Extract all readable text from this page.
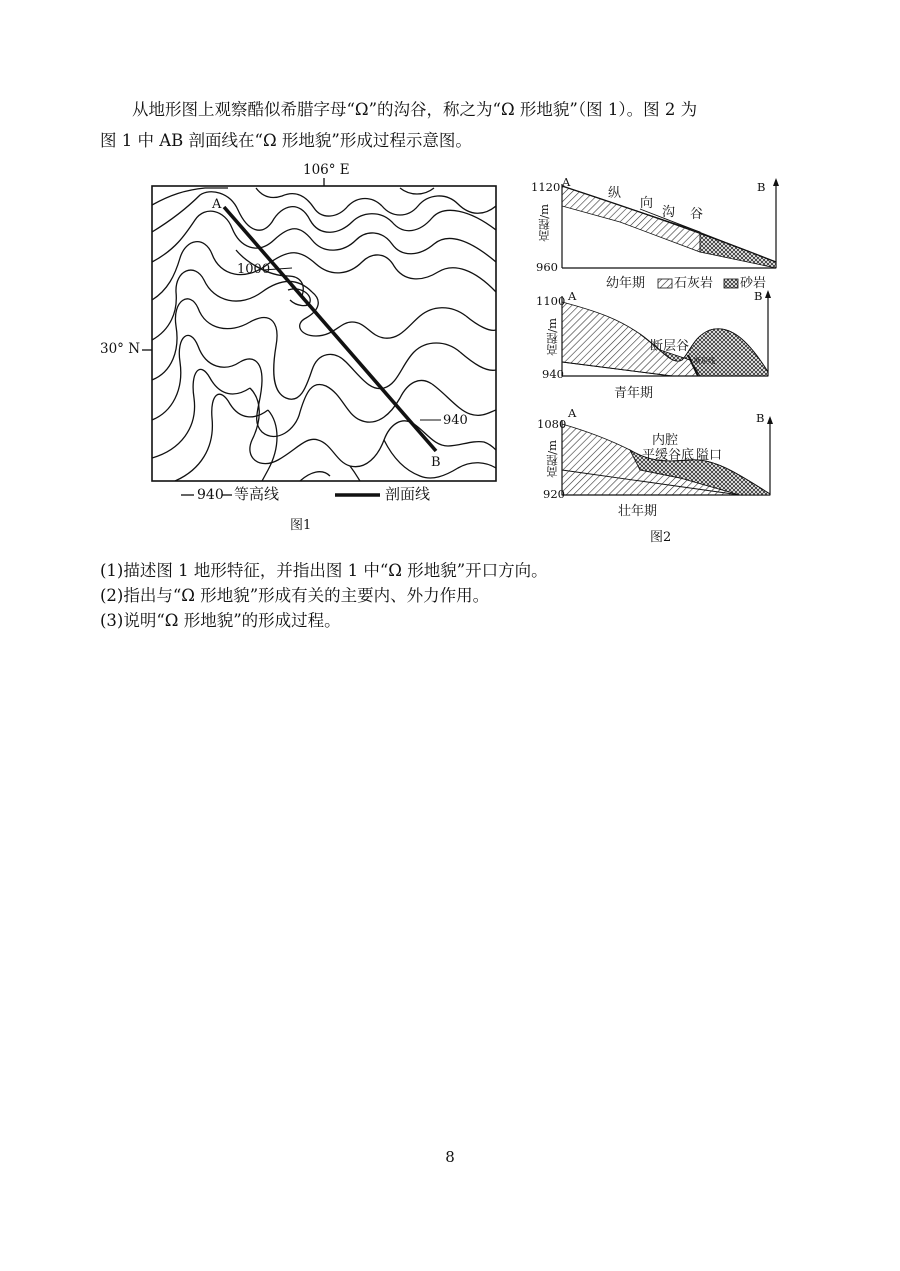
从地形图上观察酷似希腊字母“Ω”的沟谷，称之为“Ω 形地貌”（图 1）。图 2 为
图 1 中 AB 剖面线在“Ω 形地貌”形成过程示意图。
106° E
30° N
A
B
1000
940
940 等高线	剖面线
图1
1120
960
高程/m
A	B
纵
向
沟 谷
幼年期 石灰岩 砂岩
1100
940
高程/m
A	B
断层谷
断层线
青年期
1080
920
高程/m
A	B
内腔
平缓谷底 隘口
壮年期
图2
(1)描述图 1 地形特征，并指出图 1 中“Ω 形地貌”开口方向。
(2)指出与“Ω 形地貌”形成有关的主要内、外力作用。
(3)说明“Ω 形地貌”的形成过程。
8
